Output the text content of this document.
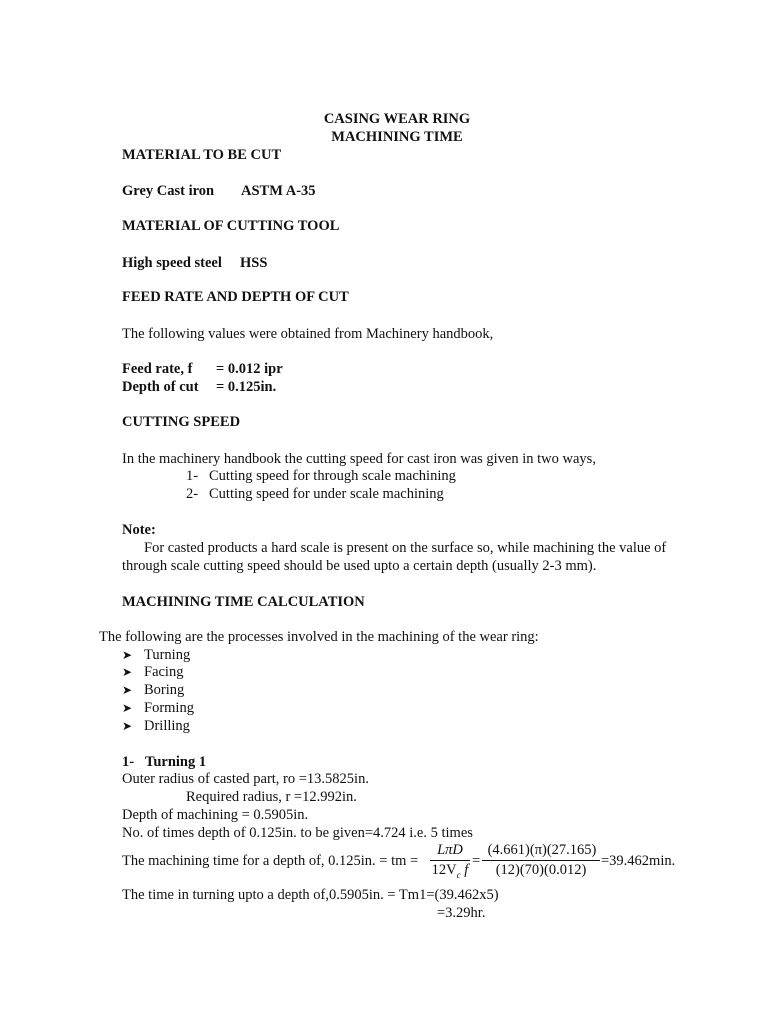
CASING WEAR RING
MACHINING TIME
MATERIAL TO BE CUT
Grey Cast iron ASTM A-35
MATERIAL OF CUTTING TOOL
High speed steel HSS
FEED RATE AND DEPTH OF CUT
The following values were obtained from Machinery handbook,
Feed rate, f = 0.012 ipr
Depth of cut = 0.125in.
CUTTING SPEED
In the machinery handbook the cutting speed for cast iron was given in two ways,
1- Cutting speed for through scale machining
2- Cutting speed for under scale machining
Note:
For casted products a hard scale is present on the surface so, while machining the value of
through scale cutting speed should be used upto a certain depth (usually 2-3 mm).
MACHINING TIME CALCULATION
The following are the processes involved in the machining of the wear ring:
➤ Turning
➤ Facing
➤ Boring
➤ Forming
➤ Drilling
1- Turning 1
Outer radius of casted part, ro =13.5825in.
Required radius, r =12.992in.
Depth of machining = 0.5905in.
No. of times depth of 0.125in. to be given=4.724 i.e. 5 times
The machining time for a depth of, 0.125in. = tm =
LπD
$12V_c$ f
=
(4.661)(π)(27.165)
(12)(70)(0.012)
=39.462min.
The time in turning upto a depth of,0.5905in. = Tm1=(39.462x5)
=3.29hr.
